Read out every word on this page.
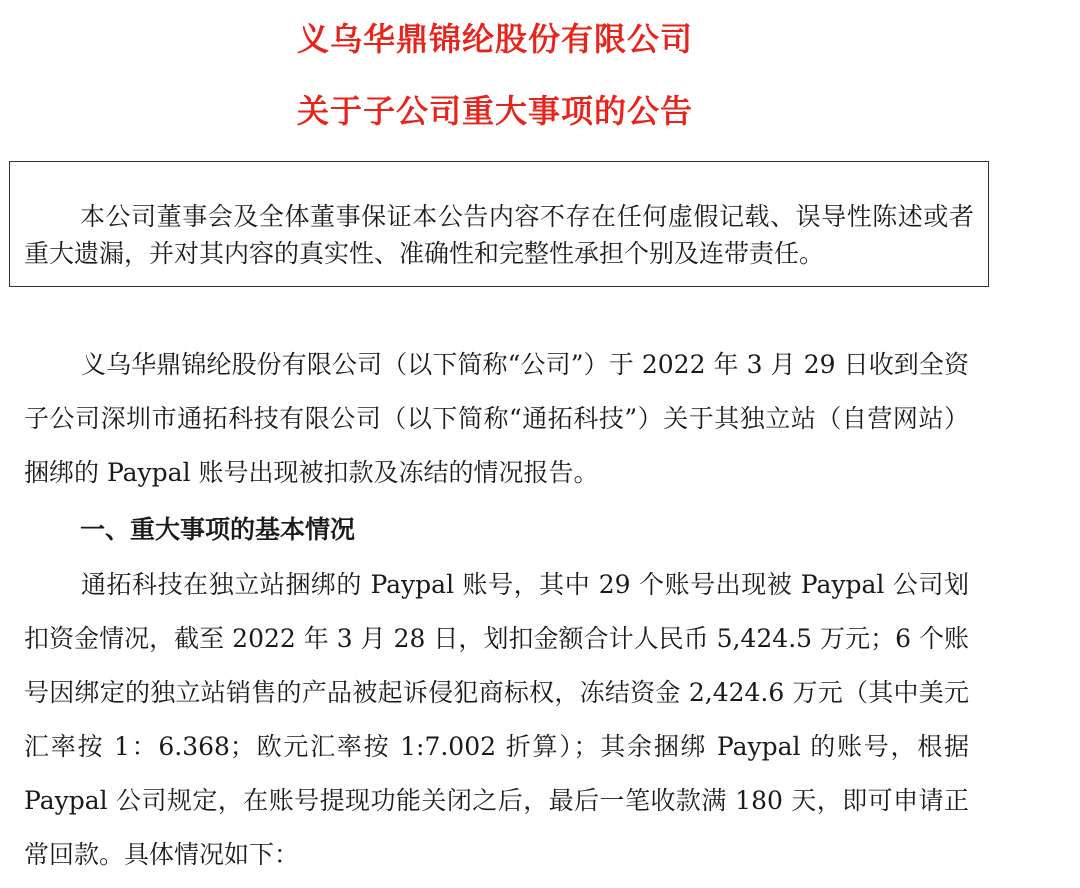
义乌华鼎锦纶股份有限公司
关于子公司重大事项的公告

本公司董事会及全体董事保证本公告内容不存在任何虚假记载、误导性陈述或者重大遗漏，并对其内容的真实性、准确性和完整性承担个别及连带责任。

义乌华鼎锦纶股份有限公司（以下简称“公司”）于 2022 年 3 月 29 日收到全资子公司深圳市通拓科技有限公司（以下简称“通拓科技”）关于其独立站（自营网站）捆绑的 Paypal 账号出现被扣款及冻结的情况报告。

一、重大事项的基本情况

通拓科技在独立站捆绑的 Paypal 账号，其中 29 个账号出现被 Paypal 公司划扣资金情况，截至 2022 年 3 月 28 日，划扣金额合计人民币 5,424.5 万元；6 个账号因绑定的独立站销售的产品被起诉侵犯商标权，冻结资金 2,424.6 万元（其中美元汇率按 1：6.368；欧元汇率按 1:7.002 折算）；其余捆绑 Paypal 的账号，根据 Paypal 公司规定，在账号提现功能关闭之后，最后一笔收款满 180 天，即可申请正常回款。具体情况如下：
